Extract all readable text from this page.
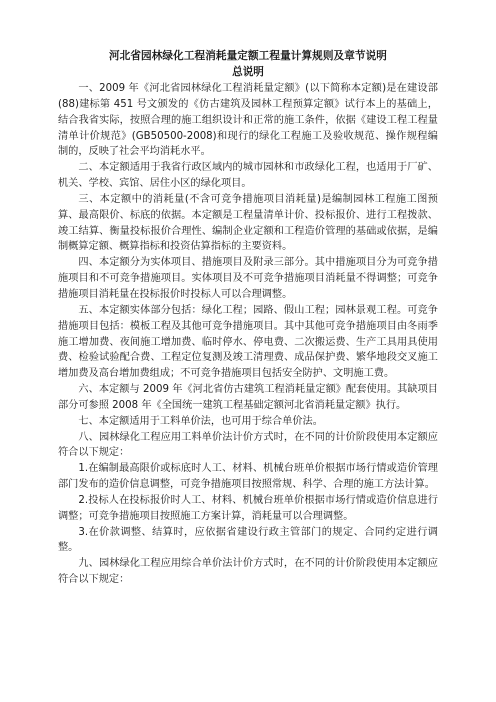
河北省园林绿化工程消耗量定额工程量计算规则及章节说明
总说明

一、2009 年《河北省园林绿化工程消耗量定额》(以下简称本定额)是在建设部(88)建标第 451 号文颁发的《仿古建筑及园林工程预算定额》试行本上的基础上，结合我省实际，按照合理的施工组织设计和正常的施工条件，依据《建设工程工程量清单计价规范》(GB50500-2008)和现行的绿化工程施工及验收规范、操作规程编制的，反映了社会平均消耗水平。

二、本定额适用于我省行政区域内的城市园林和市政绿化工程，也适用于厂矿、机关、学校、宾馆、居住小区的绿化项目。

三、本定额中的消耗量(不含可竞争措施项目消耗量)是编制园林工程施工图预算、最高限价、标底的依据。本定额是工程量清单计价、投标报价、进行工程拨款、竣工结算、衡量投标报价合理性、编制企业定额和工程造价管理的基础或依据，是编制概算定额、概算指标和投资估算指标的主要资料。

四、本定额分为实体项目、措施项目及附录三部分。其中措施项目分为可竞争措施项目和不可竞争措施项目。实体项目及不可竞争措施项目消耗量不得调整；可竞争措施项目消耗量在投标报价时投标人可以合理调整。

五、本定额实体部分包括：绿化工程；园路、假山工程；园林景观工程。可竞争措施项目包括：模板工程及其他可竞争措施项目。其中其他可竞争措施项目由冬雨季施工增加费、夜间施工增加费、临时停水、停电费、二次搬运费、生产工具用具使用费、检验试验配合费、工程定位复测及竣工清理费、成品保护费、繁华地段交叉施工增加费及高台增加费组成；不可竞争措施项目包括安全防护、文明施工费。

六、本定额与 2009 年《河北省仿古建筑工程消耗量定额》配套使用。其缺项目部分可参照 2008 年《全国统一建筑工程基础定额河北省消耗量定额》执行。

七、本定额适用于工料单价法，也可用于综合单价法。

八、园林绿化工程应用工料单价法计价方式时，在不同的计价阶段使用本定额应符合以下规定：

1.在编制最高限价或标底时人工、材料、机械台班单价根据市场行情或造价管理部门发布的造价信息调整，可竞争措施项目按照常规、科学、合理的施工方法计算。

2.投标人在投标报价时人工、材料、机械台班单价根据市场行情或造价信息进行调整；可竞争措施项目按照施工方案计算，消耗量可以合理调整。

3.在价款调整、结算时，应依据省建设行政主管部门的规定、合同约定进行调整。

九、园林绿化工程应用综合单价法计价方式时，在不同的计价阶段使用本定额应符合以下规定：
